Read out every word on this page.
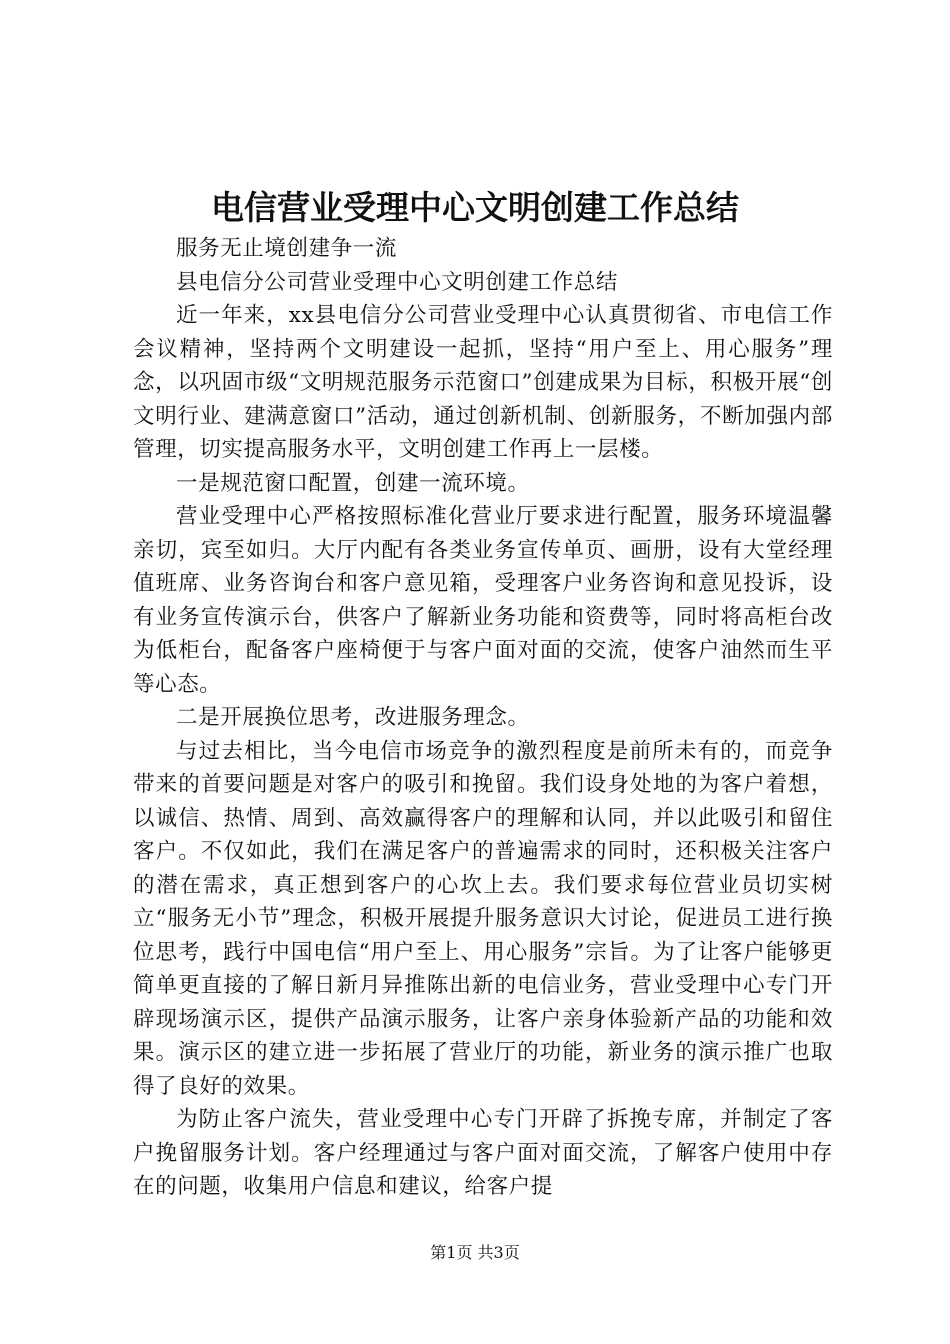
电信营业受理中心文明创建工作总结

服务无止境创建争一流

县电信分公司营业受理中心文明创建工作总结

近一年来，xx县电信分公司营业受理中心认真贯彻省、市电信工作会议精神，坚持两个文明建设一起抓，坚持“用户至上、用心服务”理念，以巩固市级“文明规范服务示范窗口”创建成果为目标，积极开展“创文明行业、建满意窗口”活动，通过创新机制、创新服务，不断加强内部管理，切实提高服务水平，文明创建工作再上一层楼。

一是规范窗口配置，创建一流环境。

营业受理中心严格按照标准化营业厅要求进行配置，服务环境温馨亲切，宾至如归。大厅内配有各类业务宣传单页、画册，设有大堂经理值班席、业务咨询台和客户意见箱，受理客户业务咨询和意见投诉，设有业务宣传演示台，供客户了解新业务功能和资费等，同时将高柜台改为低柜台，配备客户座椅便于与客户面对面的交流，使客户油然而生平等心态。

二是开展换位思考，改进服务理念。

与过去相比，当今电信市场竞争的激烈程度是前所未有的，而竞争带来的首要问题是对客户的吸引和挽留。我们设身处地的为客户着想，以诚信、热情、周到、高效赢得客户的理解和认同，并以此吸引和留住客户。不仅如此，我们在满足客户的普遍需求的同时，还积极关注客户的潜在需求，真正想到客户的心坎上去。我们要求每位营业员切实树立“服务无小节”理念，积极开展提升服务意识大讨论，促进员工进行换位思考，践行中国电信“用户至上、用心服务”宗旨。为了让客户能够更简单更直接的了解日新月异推陈出新的电信业务，营业受理中心专门开辟现场演示区，提供产品演示服务，让客户亲身体验新产品的功能和效果。演示区的建立进一步拓展了营业厅的功能，新业务的演示推广也取得了良好的效果。

为防止客户流失，营业受理中心专门开辟了拆挽专席，并制定了客户挽留服务计划。客户经理通过与客户面对面交流，了解客户使用中存在的问题，收集用户信息和建议，给客户提

第1页 共3页
